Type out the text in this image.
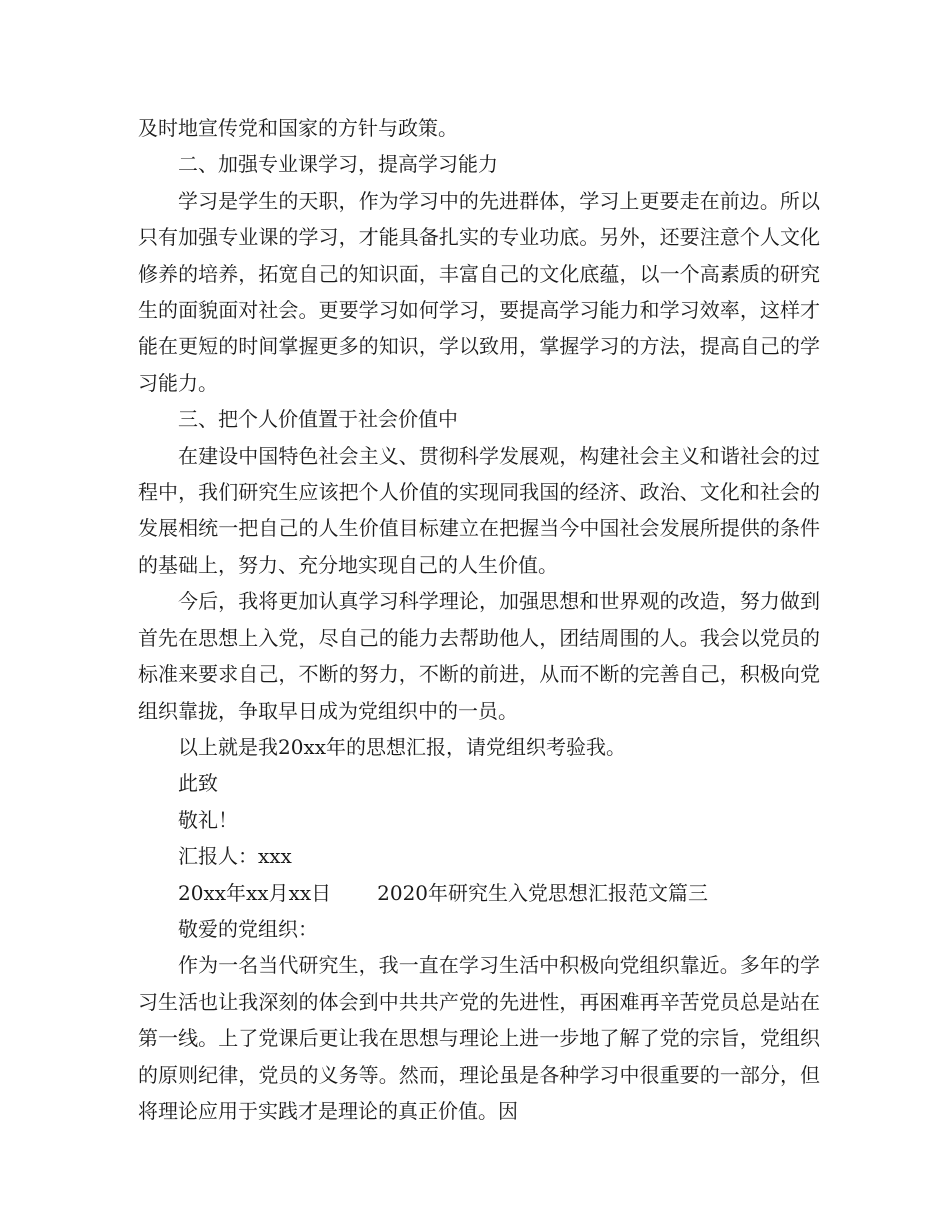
及时地宣传党和国家的方针与政策。

二、加强专业课学习，提高学习能力

学习是学生的天职，作为学习中的先进群体，学习上更要走在前边。所以只有加强专业课的学习，才能具备扎实的专业功底。另外，还要注意个人文化修养的培养，拓宽自己的知识面，丰富自己的文化底蕴，以一个高素质的研究生的面貌面对社会。更要学习如何学习，要提高学习能力和学习效率，这样才能在更短的时间掌握更多的知识，学以致用，掌握学习的方法，提高自己的学习能力。

三、把个人价值置于社会价值中

在建设中国特色社会主义、贯彻科学发展观，构建社会主义和谐社会的过程中，我们研究生应该把个人价值的实现同我国的经济、政治、文化和社会的发展相统一把自己的人生价值目标建立在把握当今中国社会发展所提供的条件的基础上，努力、充分地实现自己的人生价值。

今后，我将更加认真学习科学理论，加强思想和世界观的改造，努力做到首先在思想上入党，尽自己的能力去帮助他人，团结周围的人。我会以党员的标准来要求自己，不断的努力，不断的前进，从而不断的完善自己，积极向党组织靠拢，争取早日成为党组织中的一员。

以上就是我20xx年的思想汇报，请党组织考验我。

此致

敬礼！

汇报人：xxx

20xx年xx月xx日 2020年研究生入党思想汇报范文篇三

敬爱的党组织：

作为一名当代研究生，我一直在学习生活中积极向党组织靠近。多年的学习生活也让我深刻的体会到中共共产党的先进性，再困难再辛苦党员总是站在第一线。上了党课后更让我在思想与理论上进一步地了解了党的宗旨，党组织的原则纪律，党员的义务等。然而，理论虽是各种学习中很重要的一部分，但将理论应用于实践才是理论的真正价值。因
